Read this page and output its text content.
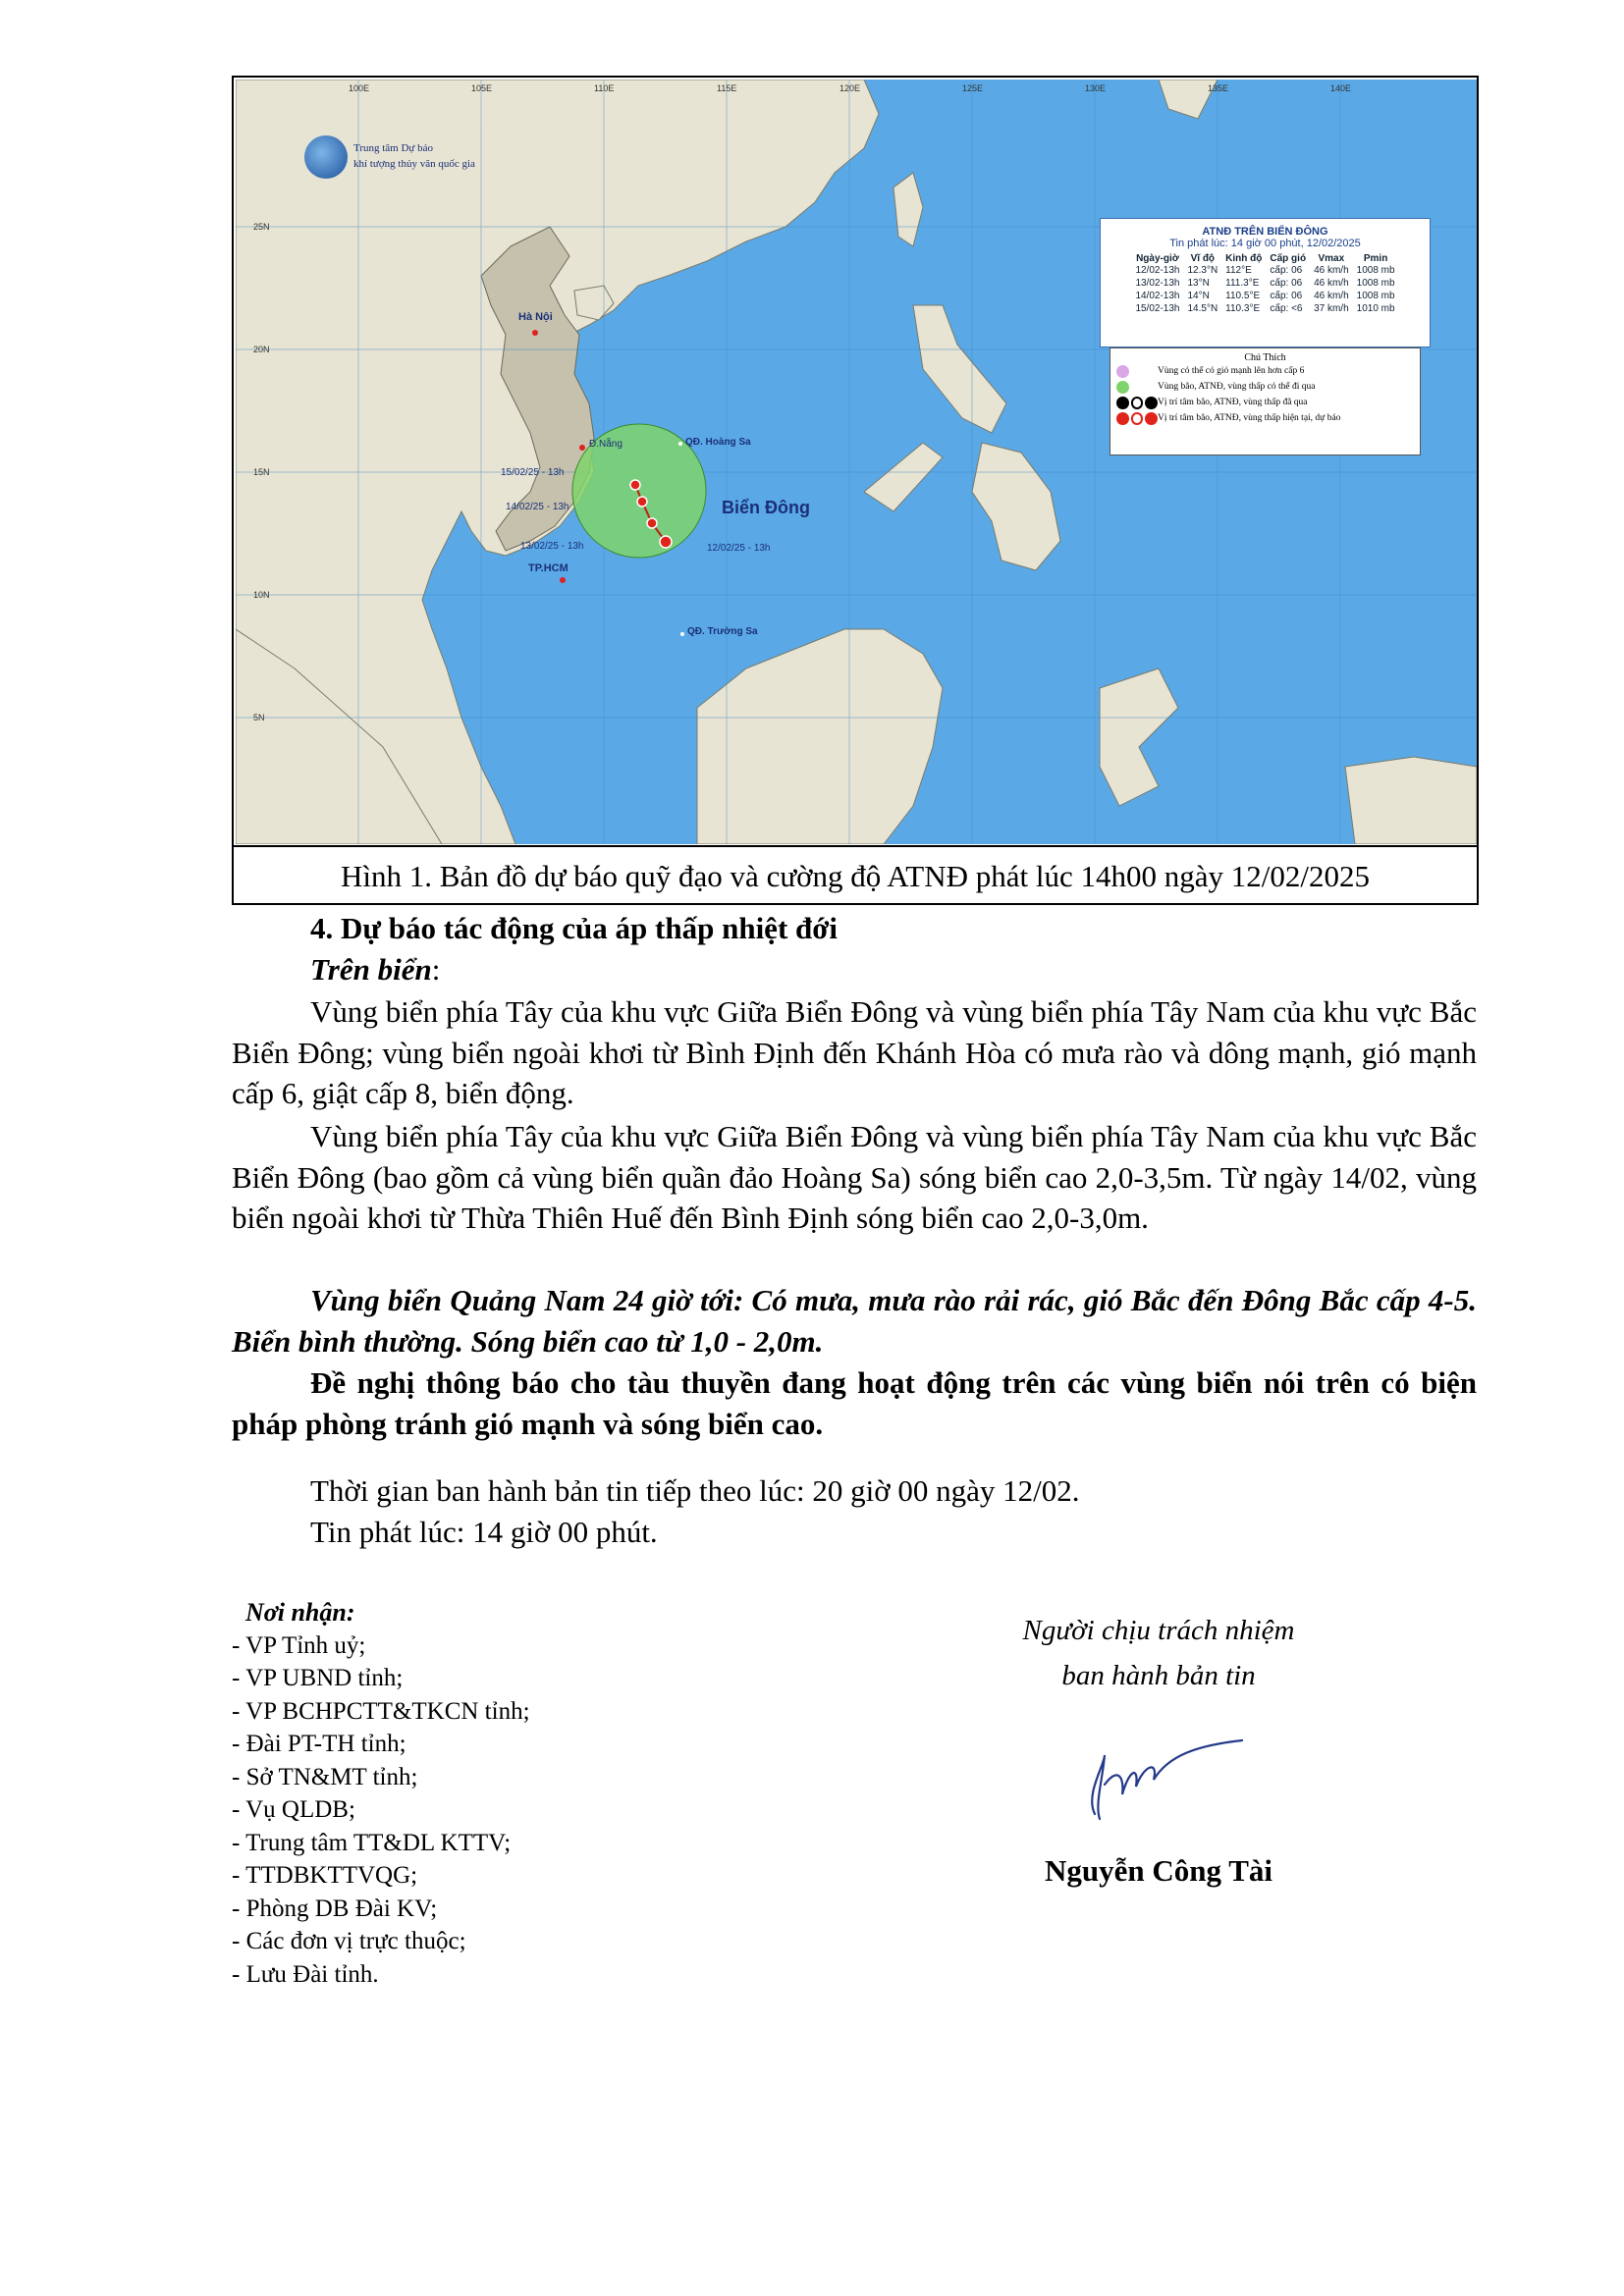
100E	105E	110E	115E	120E	125E	130E	135E	140E
25N
20N
15N
10N
5N
Trung tâm Dự báo
khí tượng thủy văn quốc gia
Hà Nội
Đ.Nẵng	QĐ. Hoàng Sa
QĐ. Trường Sa
TP.HCM
Biển Đông
15/02/25 - 13h
14/02/25 - 13h
13/02/25 - 13h	12/02/25 - 13h
ATNĐ TRÊN BIỂN ĐÔNG
Tin phát lúc: 14 giờ 00 phút, 12/02/2025
Ngày-giờ	Vĩ độ	Kinh độ	Cấp gió	Vmax	Pmin
12/02-13h	12.3°N	112°E	cấp: 06	46 km/h	1008 mb
13/02-13h	13°N	111.3°E	cấp: 06	46 km/h	1008 mb
14/02-13h	14°N	110.5°E	cấp: 06	46 km/h	1008 mb
15/02-13h	14.5°N	110.3°E	cấp: <6	37 km/h	1010 mb
Chú Thích
Vùng có thể có gió mạnh lên hơn cấp 6
Vùng bão, ATNĐ, vùng thấp có thể đi qua
Vị trí tâm bão, ATNĐ, vùng thấp đã qua
Vị trí tâm bão, ATNĐ, vùng thấp hiện tại, dự báo
Hình 1. Bản đồ dự báo quỹ đạo và cường độ ATNĐ phát lúc 14h00 ngày 12/02/2025
4. Dự báo tác động của áp thấp nhiệt đới
Trên biển:
Vùng biển phía Tây của khu vực Giữa Biển Đông và vùng biển phía Tây Nam của khu vực Bắc Biển Đông; vùng biển ngoài khơi từ Bình Định đến Khánh Hòa có mưa rào và dông mạnh, gió mạnh cấp 6, giật cấp 8, biển động.
Vùng biển phía Tây của khu vực Giữa Biển Đông và vùng biển phía Tây Nam của khu vực Bắc Biển Đông (bao gồm cả vùng biển quần đảo Hoàng Sa) sóng biển cao 2,0-3,5m. Từ ngày 14/02, vùng biển ngoài khơi từ Thừa Thiên Huế đến Bình Định sóng biển cao 2,0-3,0m.
Vùng biển Quảng Nam 24 giờ tới: Có mưa, mưa rào rải rác, gió Bắc đến Đông Bắc cấp 4-5. Biển bình thường. Sóng biển cao từ 1,0 - 2,0m.
Đề nghị thông báo cho tàu thuyền đang hoạt động trên các vùng biển nói trên có biện pháp phòng tránh gió mạnh và sóng biển cao.
Thời gian ban hành bản tin tiếp theo lúc: 20 giờ 00 ngày 12/02.
Tin phát lúc: 14 giờ 00 phút.
Nơi nhận:
- VP Tỉnh uỷ;
- VP UBND tỉnh;
- VP BCHPCTT&TKCN tỉnh;
- Đài PT-TH tỉnh;
- Sở TN&MT tỉnh;
- Vụ QLDB;
- Trung tâm TT&DL KTTV;
- TTDBKTTVQG;
- Phòng DB Đài KV;
- Các đơn vị trực thuộc;
- Lưu Đài tỉnh.
Người chịu trách nhiệm
ban hành bản tin
Nguyễn Công Tài
